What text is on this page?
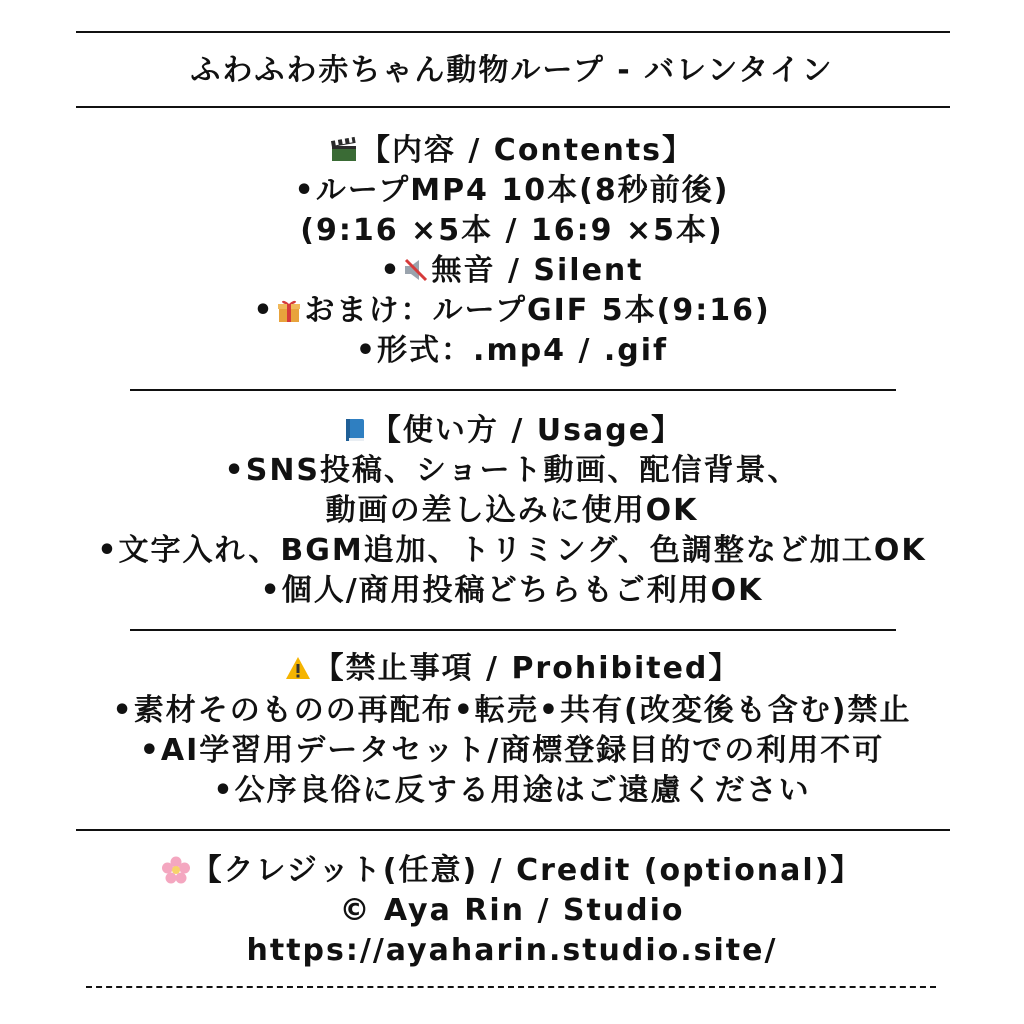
ふわふわ赤ちゃん動物ループ - バレンタイン
【内容 / Contents】
•ループMP4 10本(8秒前後)
(9:16 ×5本 / 16:9 ×5本)
• 無音 / Silent
• おまけ：ループGIF 5本(9:16)
•形式：.mp4 / .gif
【使い方 / Usage】
•SNS投稿、ショート動画、配信背景、
動画の差し込みに使用OK
•文字入れ、BGM追加、トリミング、色調整など加工OK
•個人/商用投稿どちらもご利用OK
【禁止事項 / Prohibited】
•素材そのものの再配布•転売•共有(改変後も含む)禁止
•AI学習用データセット/商標登録目的での利用不可
•公序良俗に反する用途はご遠慮ください
【クレジット(任意) / Credit (optional)】
© Aya Rin / Studio
https://ayaharin.studio.site/
